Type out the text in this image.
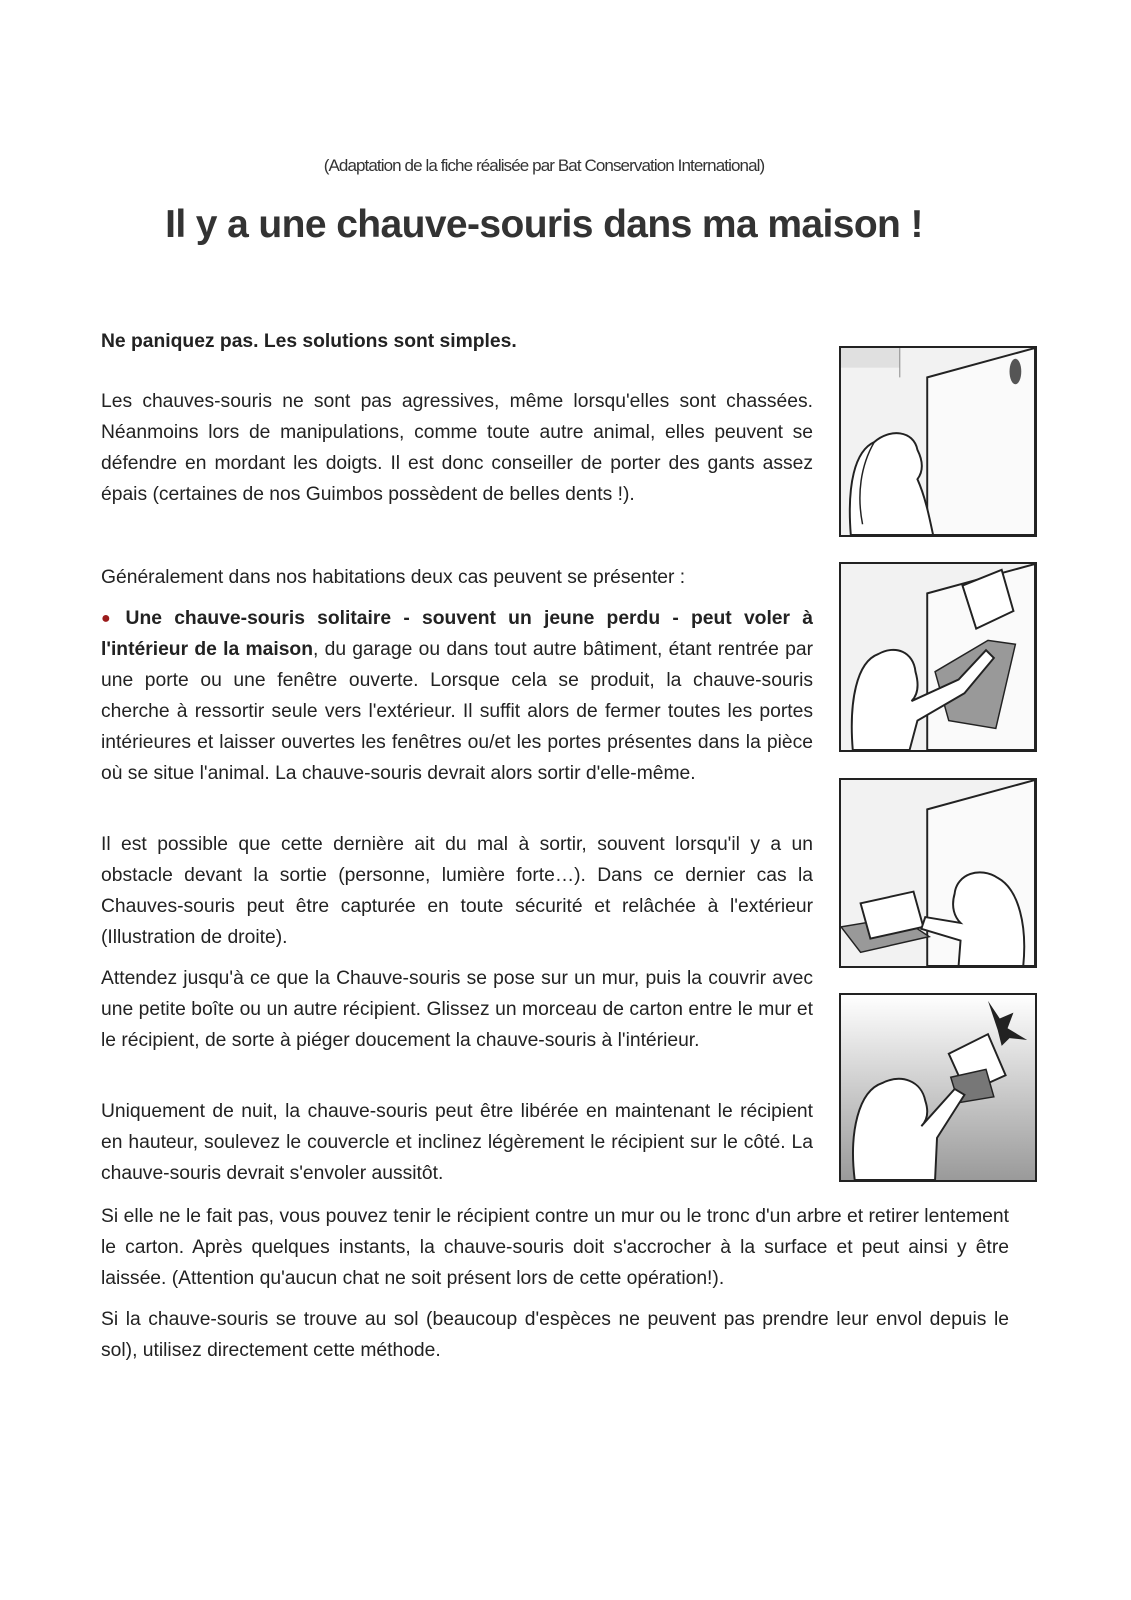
(Adaptation de la fiche réalisée par Bat Conservation International)
Il y a une chauve-souris dans ma maison !
Ne paniquez pas. Les solutions sont simples.
Les chauves-souris ne sont pas agressives, même lorsqu'elles sont chassées. Néanmoins lors de manipulations, comme toute autre animal, elles peuvent se défendre en mordant les doigts. Il est donc conseiller de porter des gants assez épais (certaines de nos Guimbos possèdent de belles dents !).
Généralement dans nos habitations deux cas peuvent se présenter :
● Une chauve-souris solitaire - souvent un jeune perdu - peut voler à l'intérieur de la maison, du garage ou dans tout autre bâtiment, étant rentrée par une porte ou une fenêtre ouverte. Lorsque cela se produit, la chauve-souris cherche à ressortir seule vers l'extérieur. Il suffit alors de fermer toutes les portes intérieures et laisser ouvertes les fenêtres ou/et les portes présentes dans la pièce où se situe l'animal. La chauve-souris devrait alors sortir d'elle-même.
Il est possible que cette dernière ait du mal à sortir, souvent lorsqu'il y a un obstacle devant la sortie (personne, lumière forte…). Dans ce dernier cas la Chauves-souris peut être capturée en toute sécurité et relâchée à l'extérieur (Illustration de droite).
Attendez jusqu'à ce que la Chauve-souris se pose sur un mur, puis la couvrir avec une petite boîte ou un autre récipient. Glissez un morceau de carton entre le mur et le récipient, de sorte à piéger doucement la chauve-souris à l'intérieur.
Uniquement de nuit, la chauve-souris peut être libérée en maintenant le récipient en hauteur, soulevez le couvercle et inclinez légèrement le récipient sur le côté. La chauve-souris devrait s'envoler aussitôt.
Si elle ne le fait pas, vous pouvez tenir le récipient contre un mur ou le tronc d'un arbre et retirer lentement le carton. Après quelques instants, la chauve-souris doit s'accrocher à la surface et peut ainsi y être laissée. (Attention qu'aucun chat ne soit présent lors de cette opération!).
Si la chauve-souris se trouve au sol (beaucoup d'espèces ne peuvent pas prendre leur envol depuis le sol), utilisez directement cette méthode.
